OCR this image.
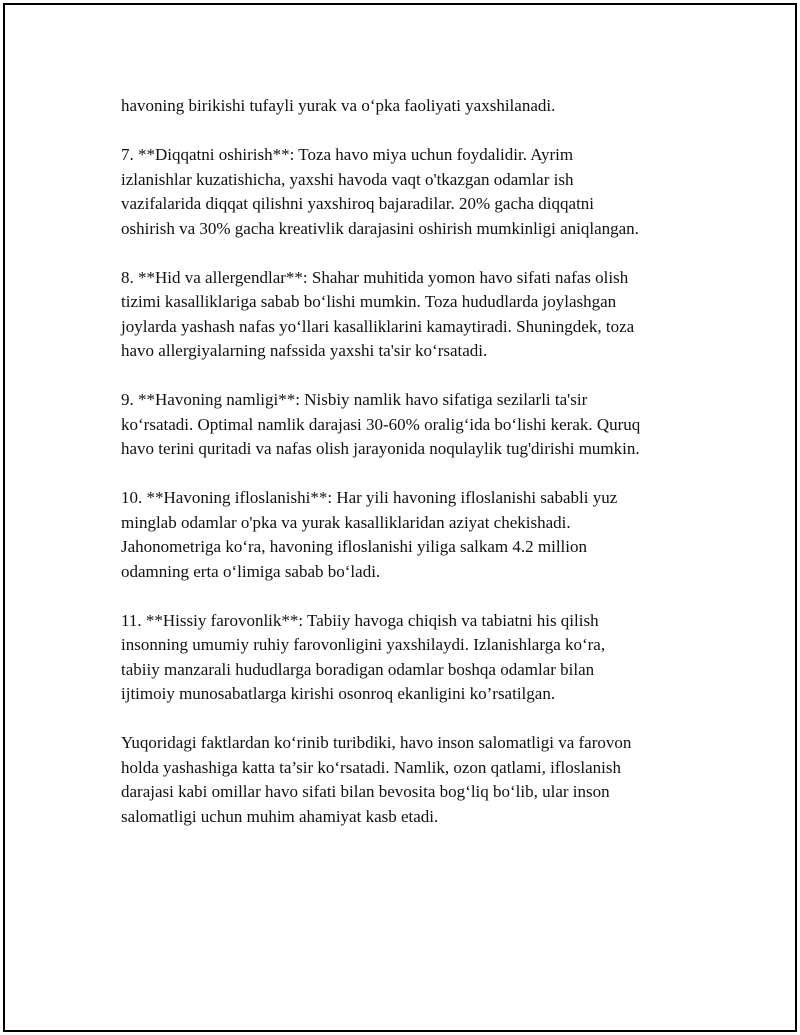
havoning birikishi tufayli yurak va o‘pka faoliyati yaxshilanadi.

7. **Diqqatni oshirish**: Toza havo miya uchun foydalidir. Ayrim
izlanishlar kuzatishicha, yaxshi havoda vaqt o'tkazgan odamlar ish
vazifalarida diqqat qilishni yaxshiroq bajaradilar. 20% gacha diqqatni
oshirish va 30% gacha kreativlik darajasini oshirish mumkinligi aniqlangan.

8. **Hid va allergendlar**: Shahar muhitida yomon havo sifati nafas olish
tizimi kasalliklariga sabab bo‘lishi mumkin. Toza hududlarda joylashgan
joylarda yashash nafas yo‘llari kasalliklarini kamaytiradi. Shuningdek, toza
havo allergiyalarning nafssida yaxshi ta'sir ko‘rsatadi.

9. **Havoning namligi**: Nisbiy namlik havo sifatiga sezilarli ta'sir
ko‘rsatadi. Optimal namlik darajasi 30-60% oralig‘ida bo‘lishi kerak. Quruq
havo terini quritadi va nafas olish jarayonida noqulaylik tug'dirishi mumkin.

10. **Havoning ifloslanishi**: Har yili havoning ifloslanishi sababli yuz
minglab odamlar o'pka va yurak kasalliklaridan aziyat chekishadi.
Jahonometriga ko‘ra, havoning ifloslanishi yiliga salkam 4.2 million
odamning erta o‘limiga sabab bo‘ladi.

11. **Hissiy farovonlik**: Tabiiy havoga chiqish va tabiatni his qilish
insonning umumiy ruhiy farovonligini yaxshilaydi. Izlanishlarga ko‘ra,
tabiiy manzarali hududlarga boradigan odamlar boshqa odamlar bilan
ijtimoiy munosabatlarga kirishi osonroq ekanligini ko’rsatilgan.

Yuqoridagi faktlardan ko‘rinib turibdiki, havo inson salomatligi va farovon
holda yashashiga katta ta’sir ko‘rsatadi. Namlik, ozon qatlami, ifloslanish
darajasi kabi omillar havo sifati bilan bevosita bog‘liq bo‘lib, ular inson
salomatligi uchun muhim ahamiyat kasb etadi.
